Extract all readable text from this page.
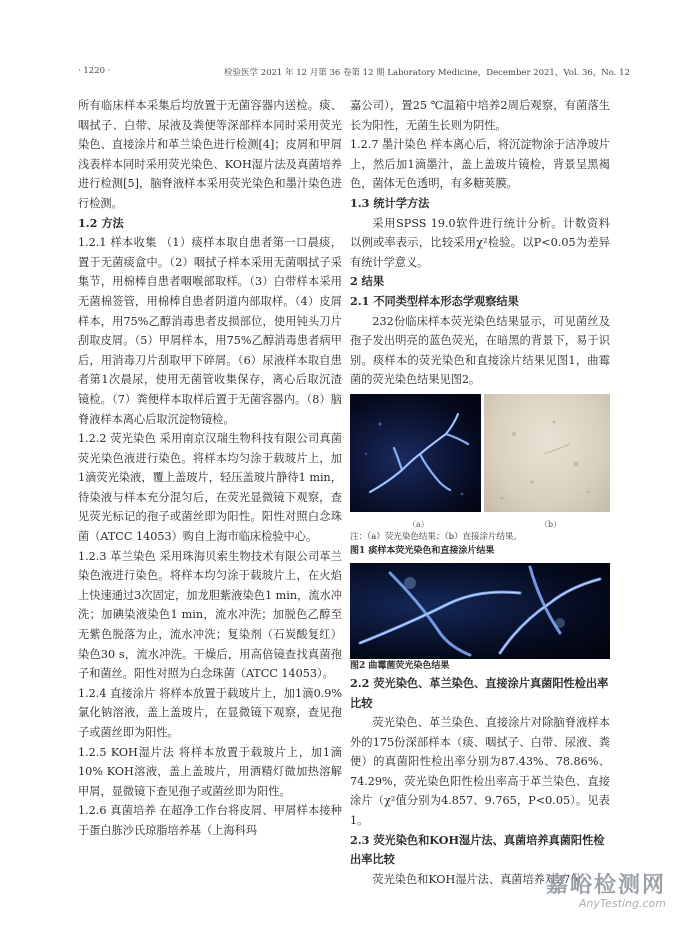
· 1220 ·	检验医学 2021 年 12 月第 36 卷第 12 期 Laboratory Medicine，December 2021，Vol. 36，No. 12

所有临床样本采集后均放置于无菌容器内送检。痰、咽拭子、白带、尿液及粪便等深部样本同时采用荧光染色、直接涂片和革兰染色进行检测[4]；皮屑和甲屑浅表样本同时采用荧光染色、KOH湿片法及真菌培养进行检测[5]，脑脊液样本采用荧光染色和墨汁染色进行检测。

1.2 方法

1.2.1 样本收集 （1）痰样本取自患者第一口晨痰，置于无菌痰盒中。（2）咽拭子样本采用无菌咽拭子采集节，用棉棒自患者咽喉部取样。（3）白带样本采用无菌棉签管，用棉棒自患者阴道内部取样。（4）皮屑样本，用75%乙醇消毒患者皮损部位，使用钝头刀片刮取皮屑。（5）甲屑样本，用75%乙醇消毒患者病甲后，用消毒刀片刮取甲下碎屑。（6）尿液样本取自患者第1次晨尿，使用无菌管收集保存，离心后取沉渣镜检。（7）粪便样本取样后置于无菌容器内。（8）脑脊液样本离心后取沉淀物镜检。

1.2.2 荧光染色 采用南京汉瑞生物科技有限公司真菌荧光染色液进行染色。将样本均匀涂于载玻片上，加1滴荧光染液，覆上盖玻片，轻压盖玻片静待1 min，待染液与样本充分混匀后，在荧光显微镜下观察，查见荧光标记的孢子或菌丝即为阳性。阳性对照白念珠菌（ATCC 14053）购自上海市临床检验中心。

1.2.3 革兰染色 采用珠海贝索生物技术有限公司革兰染色液进行染色。将样本均匀涂于载玻片上，在火焰上快速通过3次固定，加龙胆紫液染色1 min，流水冲洗；加碘染液染色1 min，流水冲洗；加脱色乙醇至无紫色脱落为止，流水冲洗；复染剂（石炭酸复红）染色30 s，流水冲洗。干燥后，用高倍镜查找真菌孢子和菌丝。阳性对照为白念珠菌（ATCC 14053）。

1.2.4 直接涂片 将样本放置于载玻片上，加1滴0.9%氯化钠溶液，盖上盖玻片，在显微镜下观察，查见孢子或菌丝即为阳性。

1.2.5 KOH湿片法 将样本放置于载玻片上，加1滴10% KOH溶液，盖上盖玻片，用酒精灯微加热溶解甲屑，显微镜下查见孢子或菌丝即为阳性。

1.2.6 真菌培养 在超净工作台将皮屑、甲屑样本接种于蛋白胨沙氏琼脂培养基（上海科玛

嘉公司），置25 ℃温箱中培养2周后观察，有菌落生长为阳性，无菌生长则为阴性。

1.2.7 墨汁染色 样本离心后，将沉淀物涂于洁净玻片上，然后加1滴墨汁，盖上盖玻片镜检，背景呈黑褐色，菌体无色透明，有多糖荚膜。

1.3 统计学方法

采用SPSS 19.0软件进行统计分析。计数资料以例或率表示，比较采用χ²检验。以P<0.05为差异有统计学意义。

2 结果
2.1 不同类型样本形态学观察结果

232份临床样本荧光染色结果显示，可见菌丝及孢子发出明亮的蓝色荧光，在暗黑的背景下，易于识别。痰样本的荧光染色和直接涂片结果见图1，曲霉菌的荧光染色结果见图2。

（a）	（b）

注：（a）荧光染色结果；（b）直接涂片结果。

图1 痰样本荧光染色和直接涂片结果

图2 曲霉菌荧光染色结果

2.2 荧光染色、革兰染色、直接涂片真菌阳性检出率比较

荧光染色、革兰染色、直接涂片对除脑脊液样本外的175份深部样本（痰、咽拭子、白带、尿液、粪便）的真菌阳性检出率分别为87.43%、78.86%、74.29%，荧光染色阳性检出率高于革兰染色、直接涂片（χ²值分别为4.857、9.765，P<0.05）。见表1。

2.3 荧光染色和KOH湿片法、真菌培养真菌阳性检出率比较

荧光染色和KOH湿片法、真菌培养对27份

嘉峪检测网
AnyTesting.com
